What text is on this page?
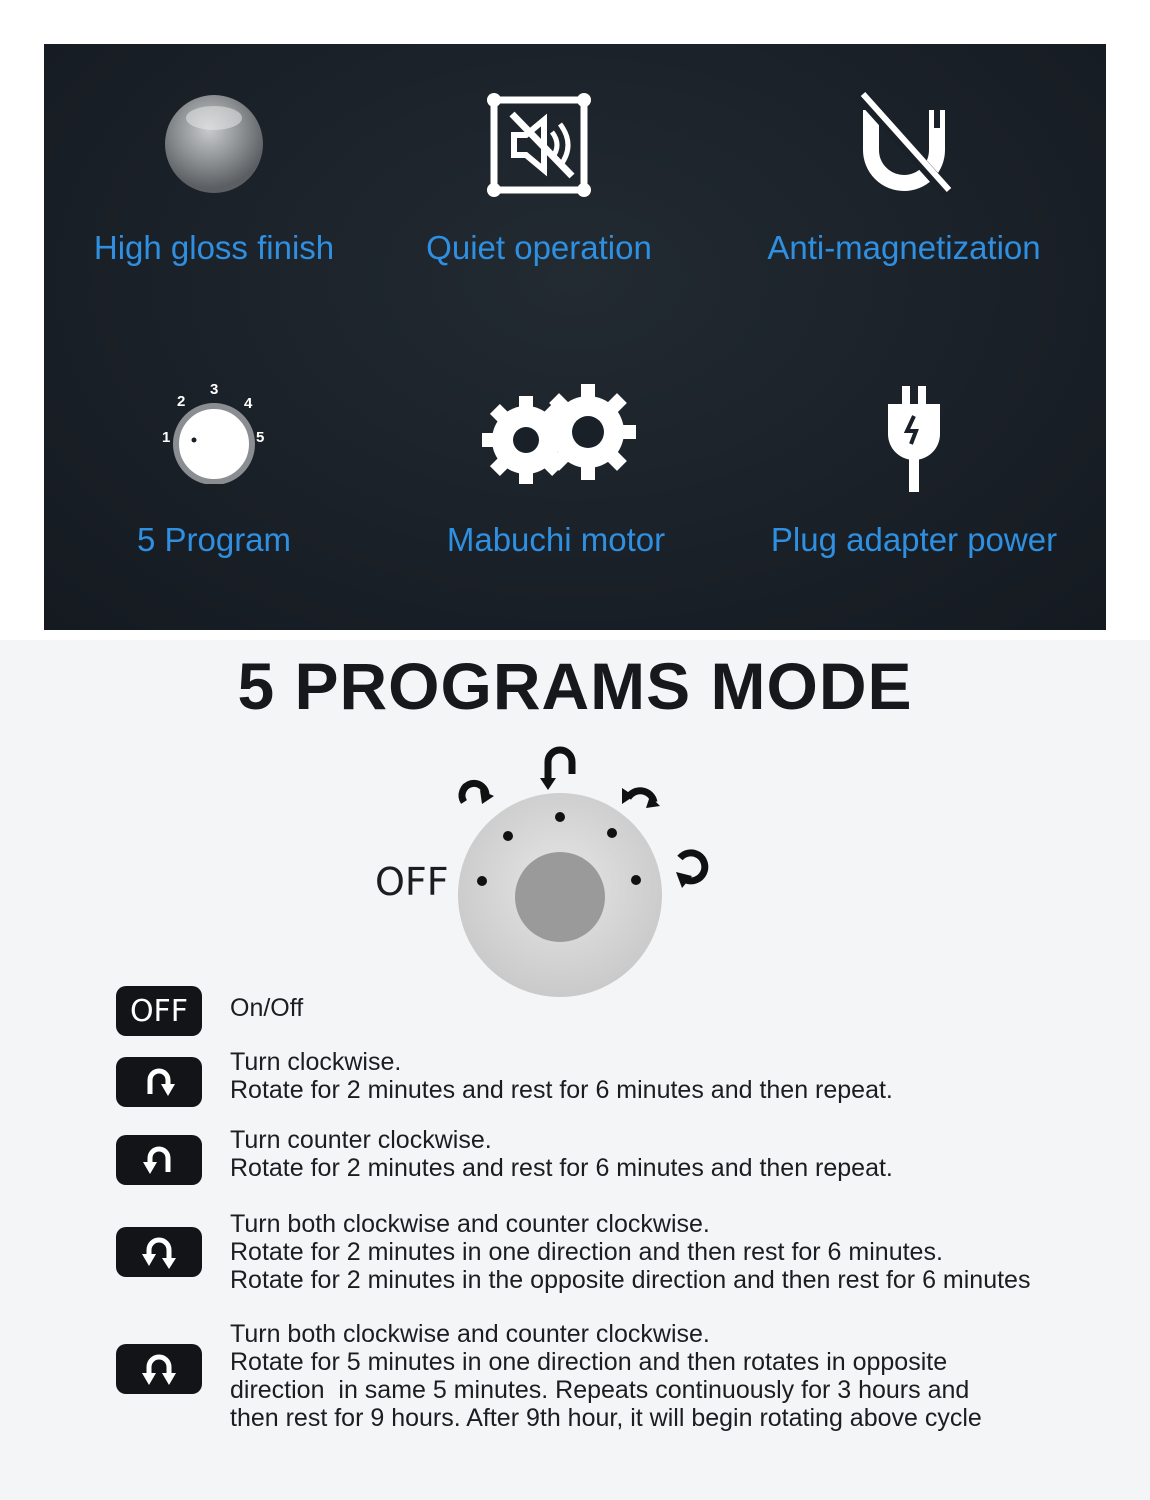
High gloss finish	Quiet operation	Anti-magnetization
1
2
3
4
5
5 Program	Mabuchi motor	Plug adapter power
5 PROGRAMS MODE
OFF
OFF On/Off
Turn clockwise.
Rotate for 2 minutes and rest for 6 minutes and then repeat.
Turn counter clockwise.
Rotate for 2 minutes and rest for 6 minutes and then repeat.
Turn both clockwise and counter clockwise.
Rotate for 2 minutes in one direction and then rest for 6 minutes.
Rotate for 2 minutes in the opposite direction and then rest for 6 minutes
Turn both clockwise and counter clockwise.
Rotate for 5 minutes in one direction and then rotates in opposite
direction  in same 5 minutes. Repeats continuously for 3 hours and
then rest for 9 hours. After 9th hour, it will begin rotating above cycle
